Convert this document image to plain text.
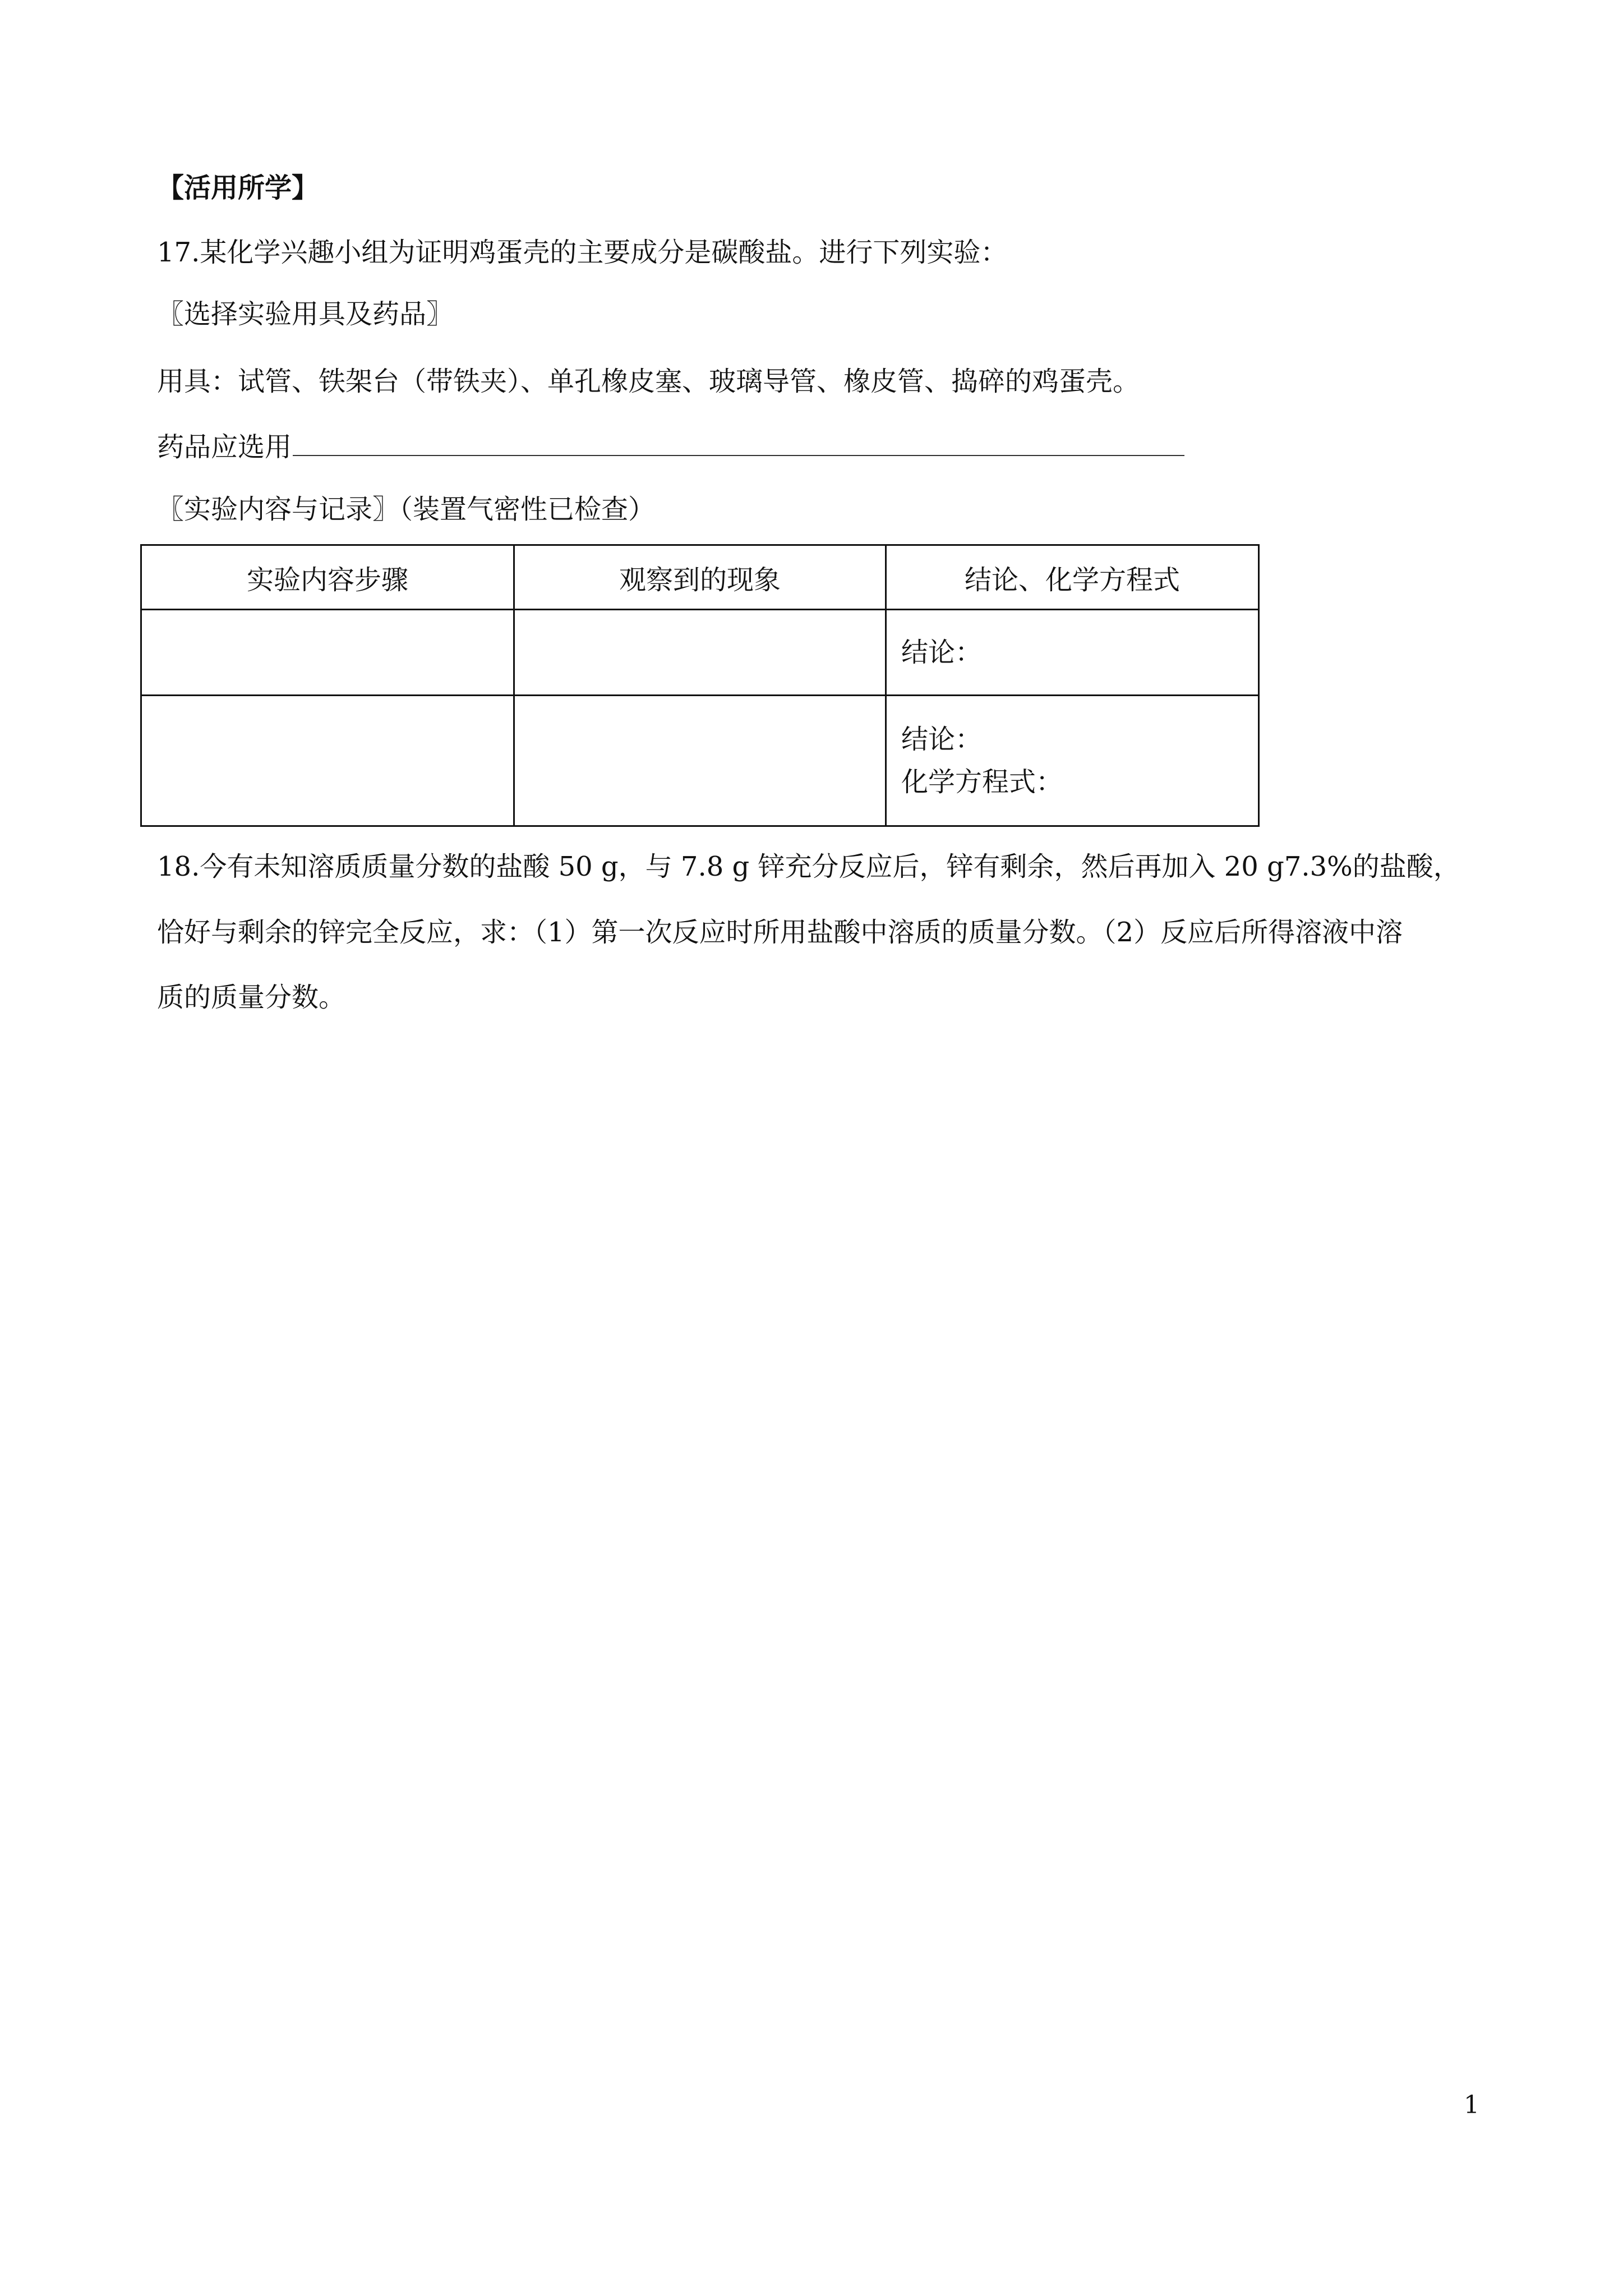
【活用所学】
17.某化学兴趣小组为证明鸡蛋壳的主要成分是碳酸盐。进行下列实验：
〖选择实验用具及药品〗
用具：试管、铁架台（带铁夹）、单孔橡皮塞、玻璃导管、橡皮管、捣碎的鸡蛋壳。
药品应选用
〖实验内容与记录〗（装置气密性已检查）
实验内容步骤	观察到的现象	结论、化学方程式

		结论：

		结论：
化学方程式：
18.今有未知溶质质量分数的盐酸 50 g，与 7.8 g 锌充分反应后，锌有剩余，然后再加入 20 g7.3%的盐酸，
恰好与剩余的锌完全反应，求：（1）第一次反应时所用盐酸中溶质的质量分数。（2）反应后所得溶液中溶
质的质量分数。
1
